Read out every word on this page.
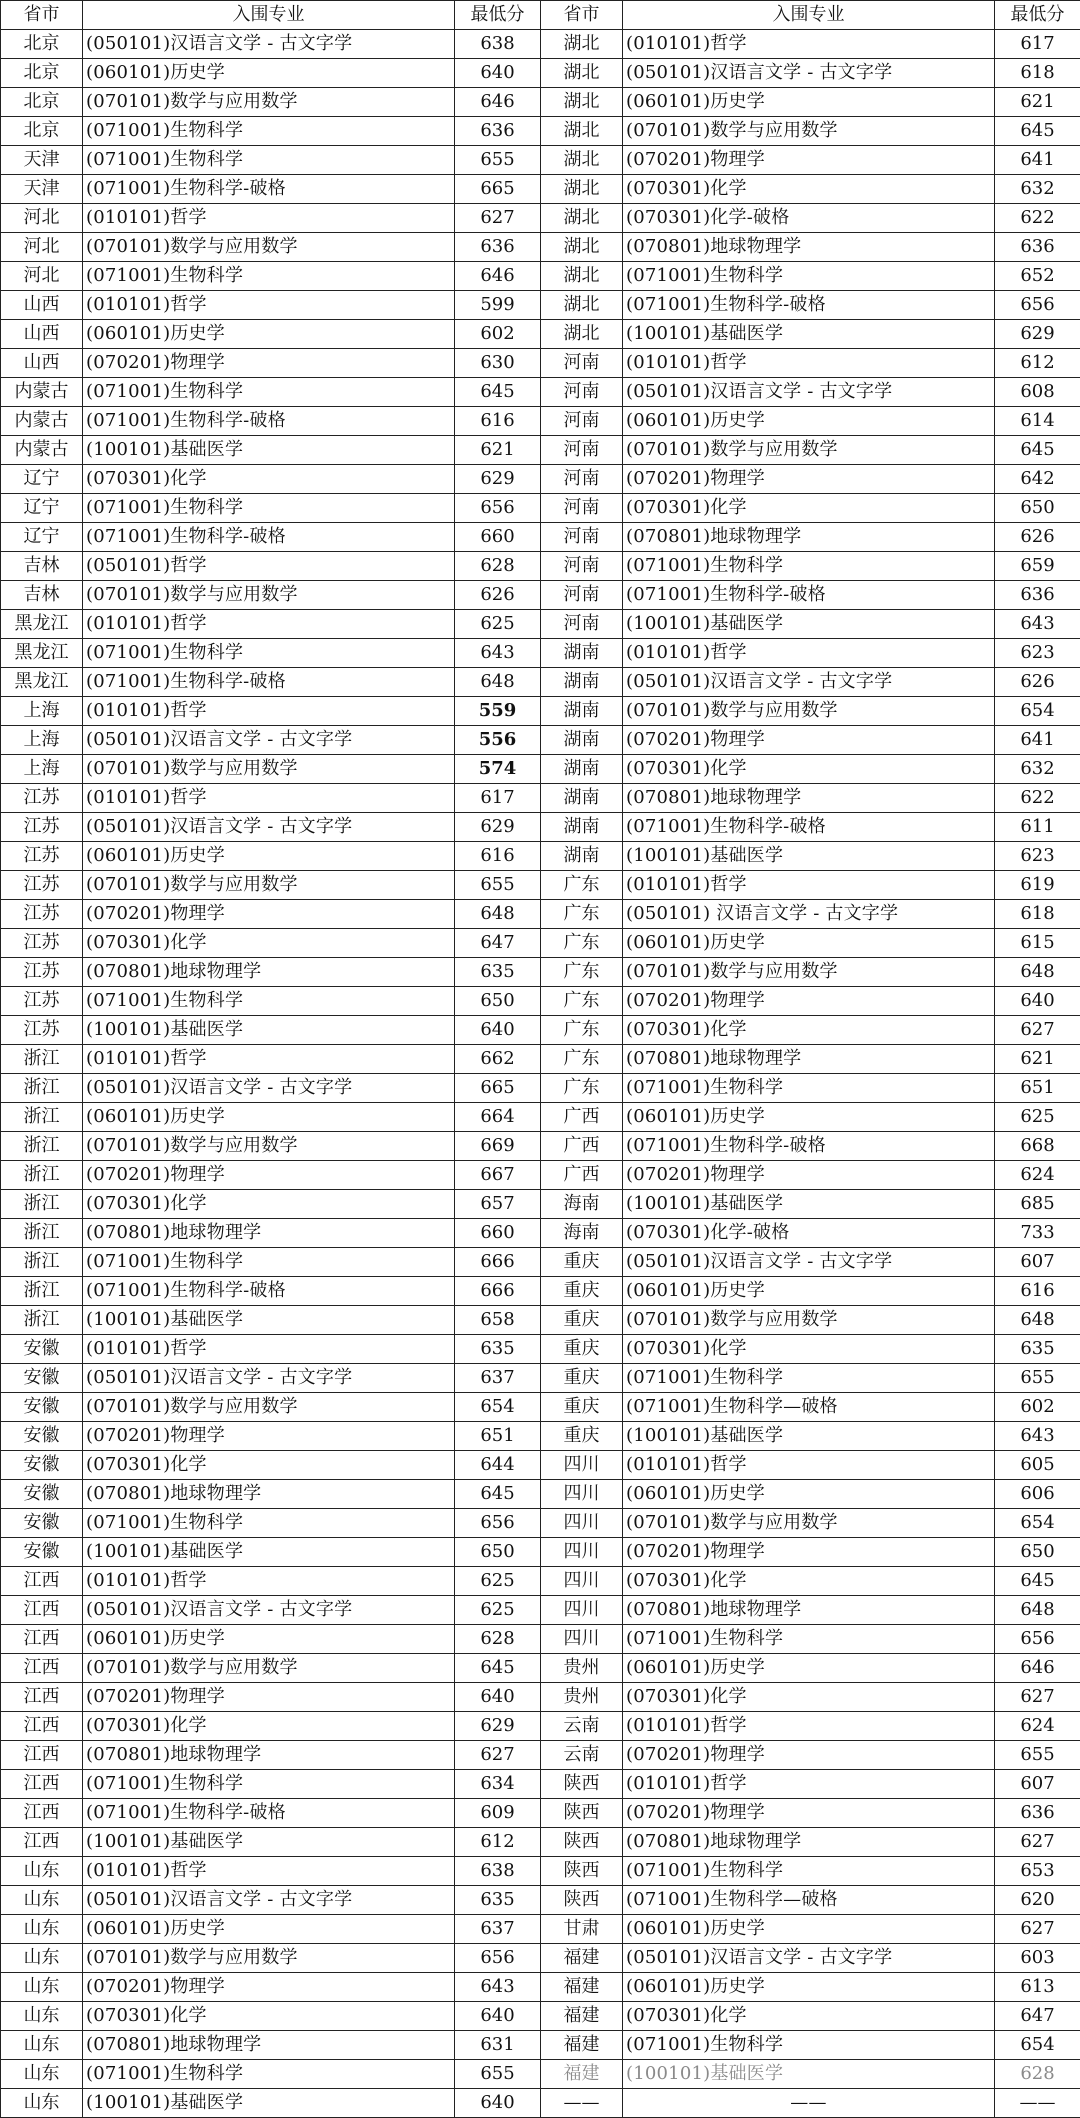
省市	入围专业	最低分	省市	入围专业	最低分
北京	(050101)汉语言文学 - 古文字学	638	湖北	(010101)哲学	617
北京	(060101)历史学	640	湖北	(050101)汉语言文学 - 古文字学	618
北京	(070101)数学与应用数学	646	湖北	(060101)历史学	621
北京	(071001)生物科学	636	湖北	(070101)数学与应用数学	645
天津	(071001)生物科学	655	湖北	(070201)物理学	641
天津	(071001)生物科学-破格	665	湖北	(070301)化学	632
河北	(010101)哲学	627	湖北	(070301)化学-破格	622
河北	(070101)数学与应用数学	636	湖北	(070801)地球物理学	636
河北	(071001)生物科学	646	湖北	(071001)生物科学	652
山西	(010101)哲学	599	湖北	(071001)生物科学-破格	656
山西	(060101)历史学	602	湖北	(100101)基础医学	629
山西	(070201)物理学	630	河南	(010101)哲学	612
内蒙古	(071001)生物科学	645	河南	(050101)汉语言文学 - 古文字学	608
内蒙古	(071001)生物科学-破格	616	河南	(060101)历史学	614
内蒙古	(100101)基础医学	621	河南	(070101)数学与应用数学	645
辽宁	(070301)化学	629	河南	(070201)物理学	642
辽宁	(071001)生物科学	656	河南	(070301)化学	650
辽宁	(071001)生物科学-破格	660	河南	(070801)地球物理学	626
吉林	(050101)哲学	628	河南	(071001)生物科学	659
吉林	(070101)数学与应用数学	626	河南	(071001)生物科学-破格	636
黑龙江	(010101)哲学	625	河南	(100101)基础医学	643
黑龙江	(071001)生物科学	643	湖南	(010101)哲学	623
黑龙江	(071001)生物科学-破格	648	湖南	(050101)汉语言文学 - 古文字学	626
上海	(010101)哲学	559	湖南	(070101)数学与应用数学	654
上海	(050101)汉语言文学 - 古文字学	556	湖南	(070201)物理学	641
上海	(070101)数学与应用数学	574	湖南	(070301)化学	632
江苏	(010101)哲学	617	湖南	(070801)地球物理学	622
江苏	(050101)汉语言文学 - 古文字学	629	湖南	(071001)生物科学-破格	611
江苏	(060101)历史学	616	湖南	(100101)基础医学	623
江苏	(070101)数学与应用数学	655	广东	(010101)哲学	619
江苏	(070201)物理学	648	广东	(050101) 汉语言文学 - 古文字学	618
江苏	(070301)化学	647	广东	(060101)历史学	615
江苏	(070801)地球物理学	635	广东	(070101)数学与应用数学	648
江苏	(071001)生物科学	650	广东	(070201)物理学	640
江苏	(100101)基础医学	640	广东	(070301)化学	627
浙江	(010101)哲学	662	广东	(070801)地球物理学	621
浙江	(050101)汉语言文学 - 古文字学	665	广东	(071001)生物科学	651
浙江	(060101)历史学	664	广西	(060101)历史学	625
浙江	(070101)数学与应用数学	669	广西	(071001)生物科学-破格	668
浙江	(070201)物理学	667	广西	(070201)物理学	624
浙江	(070301)化学	657	海南	(100101)基础医学	685
浙江	(070801)地球物理学	660	海南	(070301)化学-破格	733
浙江	(071001)生物科学	666	重庆	(050101)汉语言文学 - 古文字学	607
浙江	(071001)生物科学-破格	666	重庆	(060101)历史学	616
浙江	(100101)基础医学	658	重庆	(070101)数学与应用数学	648
安徽	(010101)哲学	635	重庆	(070301)化学	635
安徽	(050101)汉语言文学 - 古文字学	637	重庆	(071001)生物科学	655
安徽	(070101)数学与应用数学	654	重庆	(071001)生物科学—破格	602
安徽	(070201)物理学	651	重庆	(100101)基础医学	643
安徽	(070301)化学	644	四川	(010101)哲学	605
安徽	(070801)地球物理学	645	四川	(060101)历史学	606
安徽	(071001)生物科学	656	四川	(070101)数学与应用数学	654
安徽	(100101)基础医学	650	四川	(070201)物理学	650
江西	(010101)哲学	625	四川	(070301)化学	645
江西	(050101)汉语言文学 - 古文字学	625	四川	(070801)地球物理学	648
江西	(060101)历史学	628	四川	(071001)生物科学	656
江西	(070101)数学与应用数学	645	贵州	(060101)历史学	646
江西	(070201)物理学	640	贵州	(070301)化学	627
江西	(070301)化学	629	云南	(010101)哲学	624
江西	(070801)地球物理学	627	云南	(070201)物理学	655
江西	(071001)生物科学	634	陕西	(010101)哲学	607
江西	(071001)生物科学-破格	609	陕西	(070201)物理学	636
江西	(100101)基础医学	612	陕西	(070801)地球物理学	627
山东	(010101)哲学	638	陕西	(071001)生物科学	653
山东	(050101)汉语言文学 - 古文字学	635	陕西	(071001)生物科学—破格	620
山东	(060101)历史学	637	甘肃	(060101)历史学	627
山东	(070101)数学与应用数学	656	福建	(050101)汉语言文学 - 古文字学	603
山东	(070201)物理学	643	福建	(060101)历史学	613
山东	(070301)化学	640	福建	(070301)化学	647
山东	(070801)地球物理学	631	福建	(071001)生物科学	654
山东	(071001)生物科学	655	福建	(100101)基础医学	628
山东	(100101)基础医学	640	——	——	——
